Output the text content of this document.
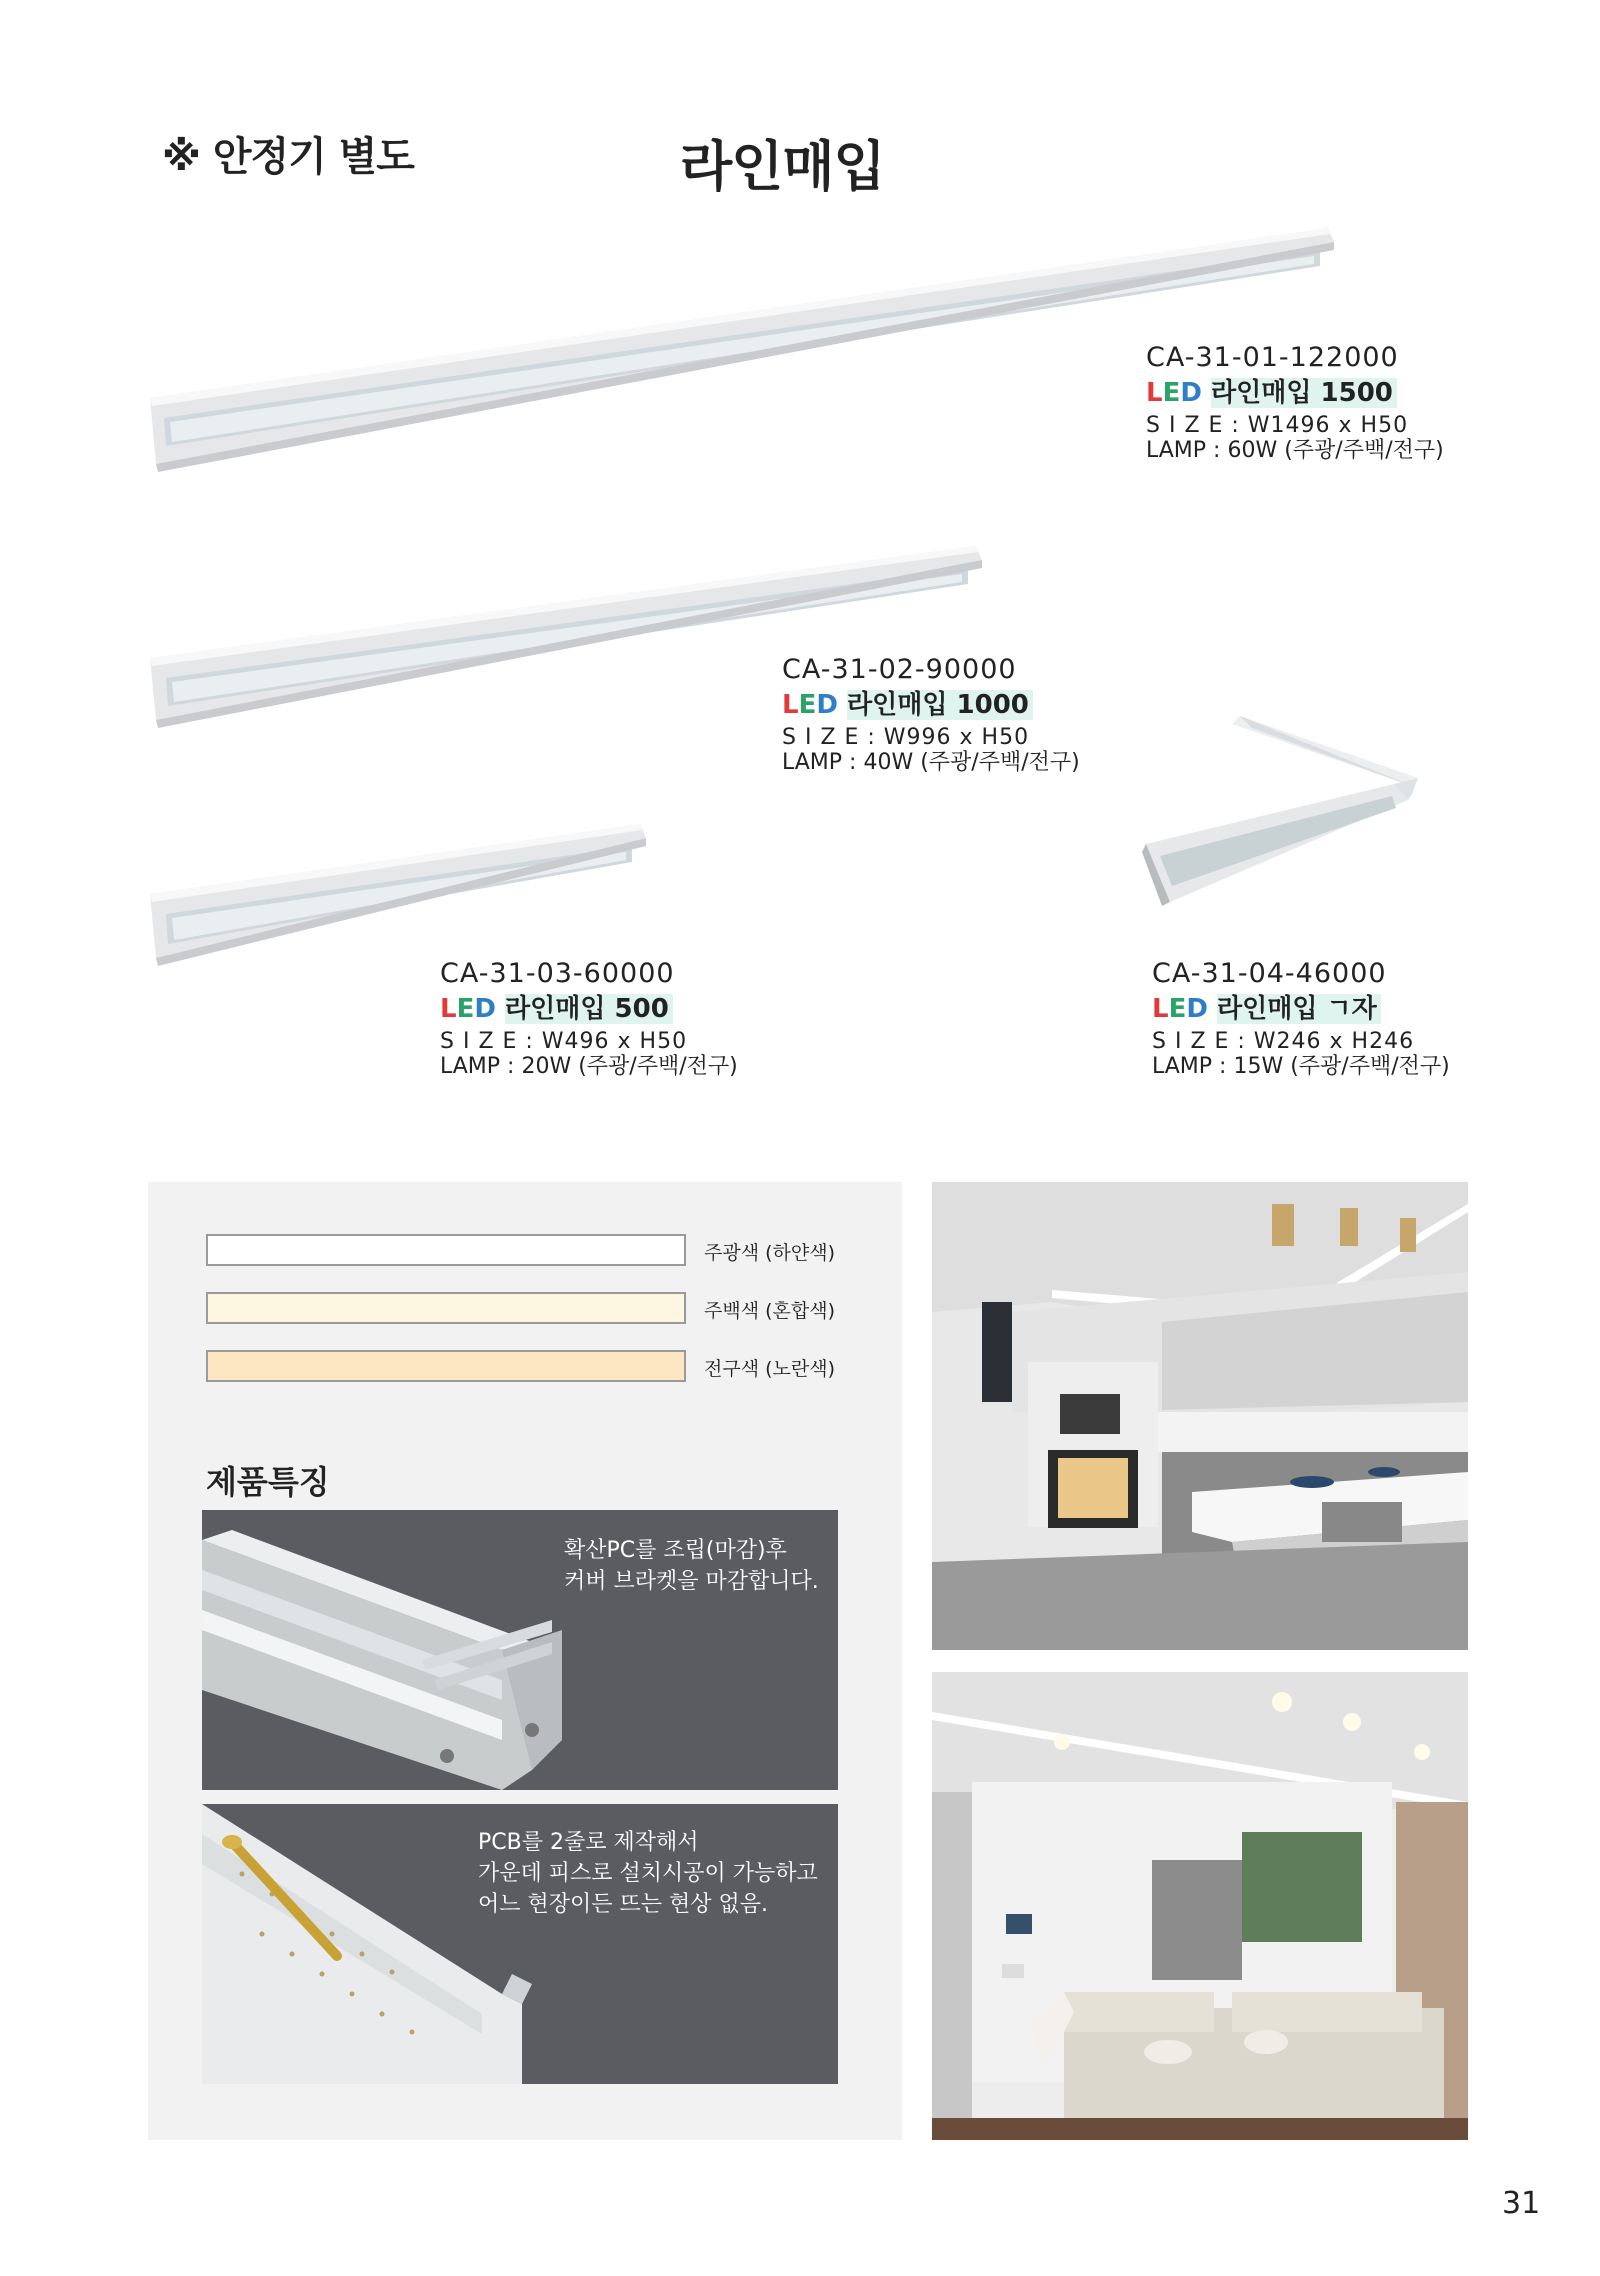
※ 안정기 별도	라인매입
CA-31-01-122000
LED 라인매입 1500
S I Z E : W1496 x H50
LAMP : 60W (주광/주백/전구)
CA-31-02-90000
LED 라인매입 1000
S I Z E : W996 x H50
LAMP : 40W (주광/주백/전구)
CA-31-03-60000
LED 라인매입 500
S I Z E : W496 x H50
LAMP : 20W (주광/주백/전구)
CA-31-04-46000
LED 라인매입 ㄱ자
S I Z E : W246 x H246
LAMP : 15W (주광/주백/전구)
주광색 (하얀색)
주백색 (혼합색)
전구색 (노란색)
제품특징
확산PC를 조립(마감)후
커버 브라켓을 마감합니다.
PCB를 2줄로 제작해서
가운데 피스로 설치시공이 가능하고
어느 현장이든 뜨는 현상 없음.
31
